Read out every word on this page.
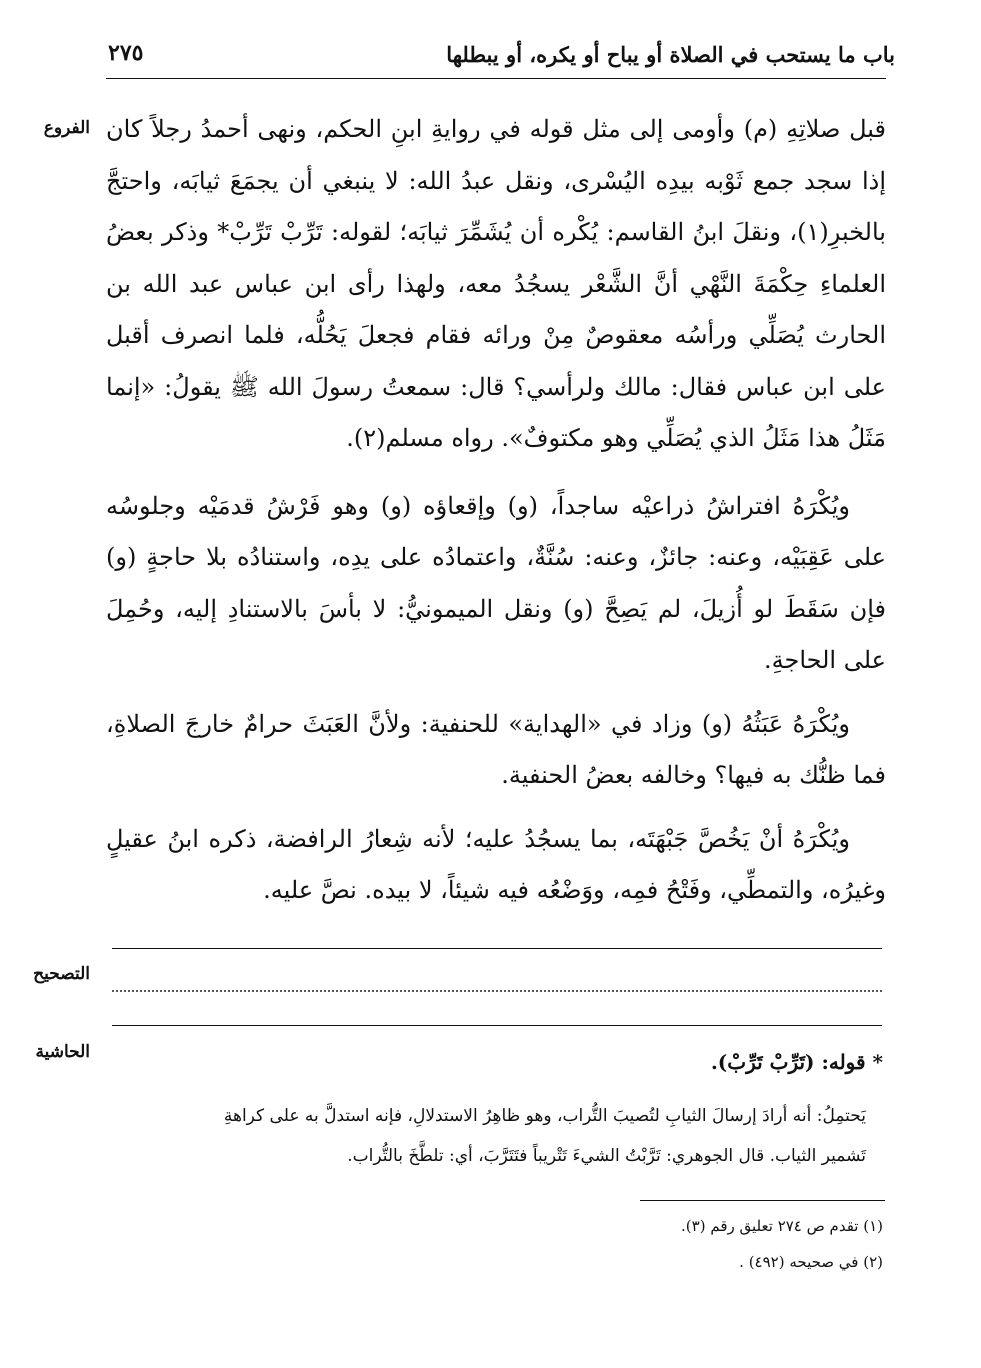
باب ما يستحب في الصلاة أو يباح أو يكره، أو يبطلها
٢٧٥
الفروع
التصحيح
الحاشية

قبل صلاتِهِ (م) وأومى إلى مثل قوله في روايةِ ابنِ الحكم، ونهى أحمدُ رجلاً كان إذا سجد جمع ثَوْبه بيدِه اليُسْرى، ونقل عبدُ الله: لا ينبغي أن يجمَعَ ثيابَه، واحتجَّ بالخبرِ(١)، ونقلَ ابنُ القاسم: يُكْره أن يُشَمِّرَ ثيابَه؛ لقوله: تَرِّبْ تَرِّبْ* وذكر بعضُ العلماءِ حِكْمَةَ النَّهْي أنَّ الشَّعْر يسجُدُ معه، ولهذا رأى ابن عباس عبد الله بن الحارث يُصَلِّي ورأسُه معقوصٌ مِنْ ورائه فقام فجعلَ يَحُلُّه، فلما انصرف أقبل على ابن عباس فقال: مالك ولرأسي؟ قال: سمعتُ رسولَ الله ﷺ يقولُ: «إنما مَثَلُ هذا مَثَلُ الذي يُصَلِّي وهو مكتوفٌ». رواه مسلم(٢).

ويُكْرَهُ افتراشُ ذراعيْه ساجداً، (و) وإقعاؤه (و) وهو فَرْشُ قدمَيْه وجلوسُه على عَقِبَيْه، وعنه: جائزٌ، وعنه: سُنَّةٌ، واعتمادُه على يدِه، واستنادُه بلا حاجةٍ (و) فإن سَقَطَ لو أُزيلَ، لم يَصِحَّ (و) ونقل الميمونيُّ: لا بأسَ بالاستنادِ إليه، وحُمِلَ على الحاجةِ.

ويُكْرَهُ عَبَثُهُ (و) وزاد في «الهداية» للحنفية: ولأنَّ العَبَثَ حرامٌ خارجَ الصلاةِ، فما ظنُّك به فيها؟ وخالفه بعضُ الحنفية.

ويُكْرَهُ أنْ يَخُصَّ جَبْهَتَه، بما يسجُدُ عليه؛ لأنه شِعارُ الرافضة، ذكره ابنُ عقيلٍ وغيرُه، والتمطِّي، وفَتْحُ فمِه، ووَضْعُه فيه شيئاً، لا بيده. نصَّ عليه.

* قوله: (تَرِّبْ تَرِّبْ).

يَحتمِلُ: أنه أرادَ إرسالَ الثيابِ لتُصيبَ التُّراب، وهو ظاهِرُ الاستدلالِ، فإنه استدلَّ به على كراهةِ

تَشمير الثياب. قال الجوهري: تَرَّبْتُ الشيءَ تَتْريباً فتَتَرَّبَ، أي: تلطَّخَ بالتُّراب.

(١) تقدم ص ٢٧٤ تعليق رقم (٣).
(٢) في صحيحه (٤٩٢) .
